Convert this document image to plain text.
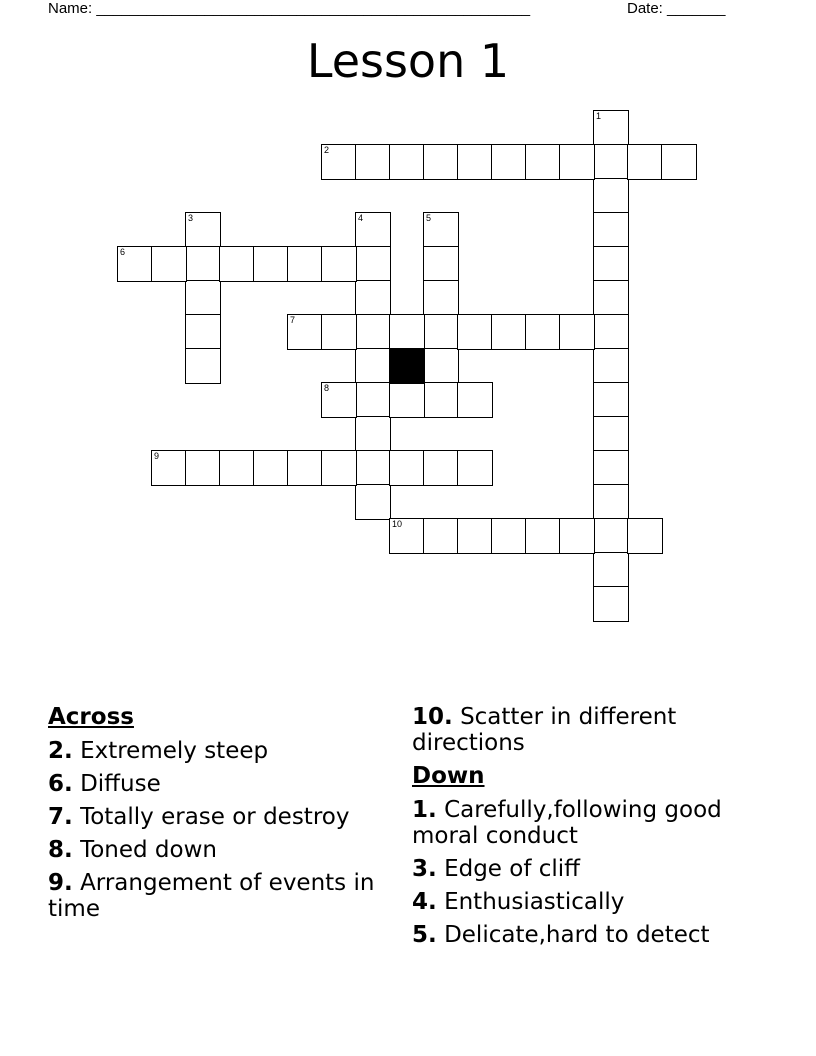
Name: ____________________________________________________	Date: _______
Lesson 1
1
2
3	4	5
6
7
8
9
10
Across
2. Extremely steep
6. Diffuse
7. Totally erase or destroy
8. Toned down
9. Arrangement of events in time
10. Scatter in different directions
Down
1. Carefully,following good moral conduct
3. Edge of cliff
4. Enthusiastically
5. Delicate,hard to detect
